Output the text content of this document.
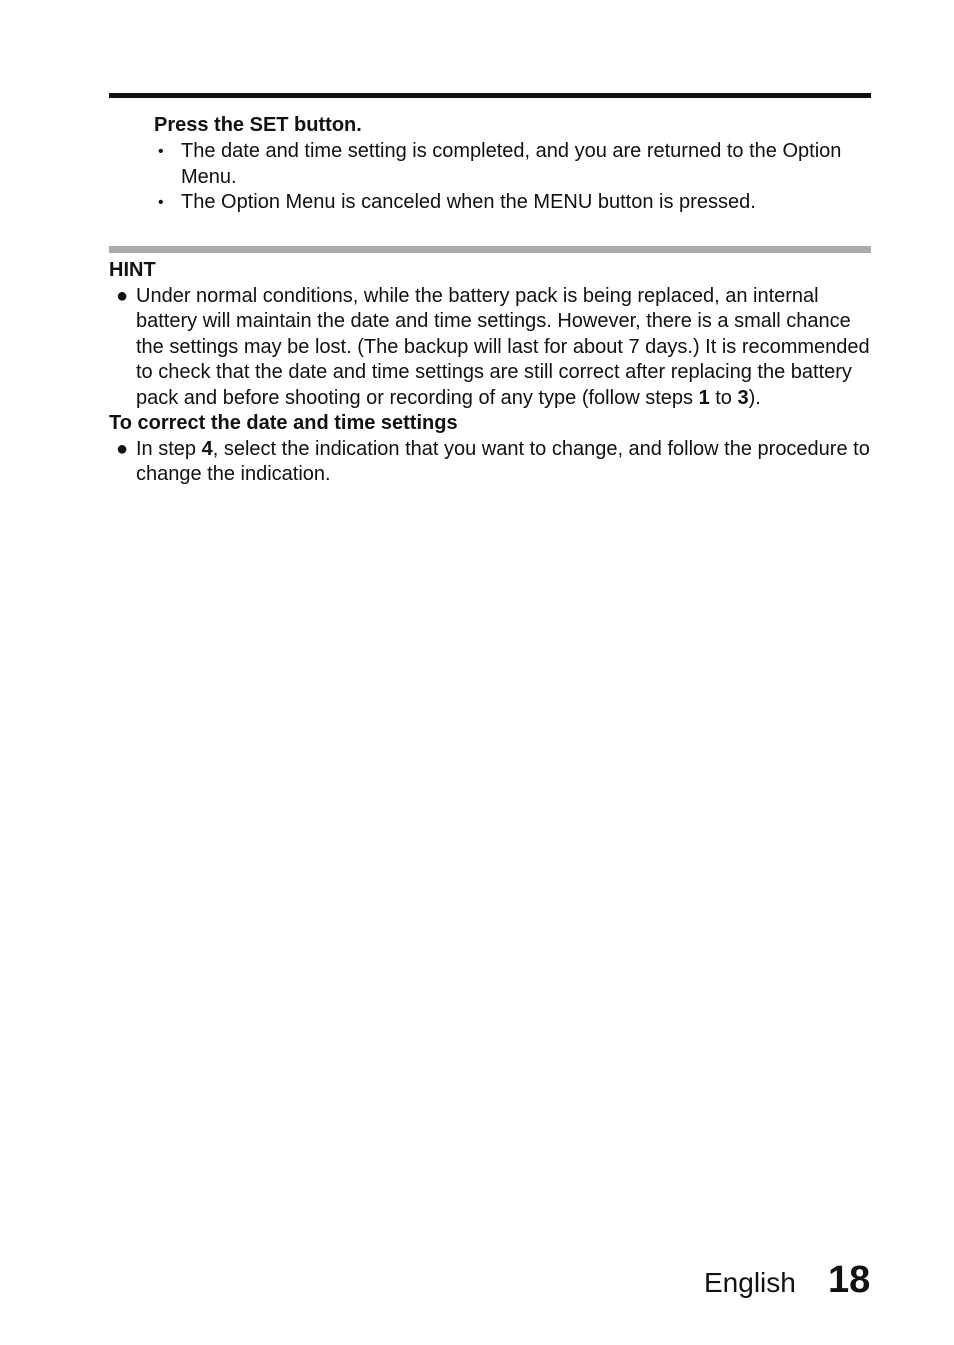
Press the SET button.
• The date and time setting is completed, and you are returned to the Option Menu.
• The Option Menu is canceled when the MENU button is pressed.
HINT
● Under normal conditions, while the battery pack is being replaced, an internal battery will maintain the date and time settings. However, there is a small chance the settings may be lost. (The backup will last for about 7 days.) It is recommended to check that the date and time settings are still correct after replacing the battery pack and before shooting or recording of any type (follow steps 1 to 3).
To correct the date and time settings
● In step 4, select the indication that you want to change, and follow the procedure to change the indication.
English 18
